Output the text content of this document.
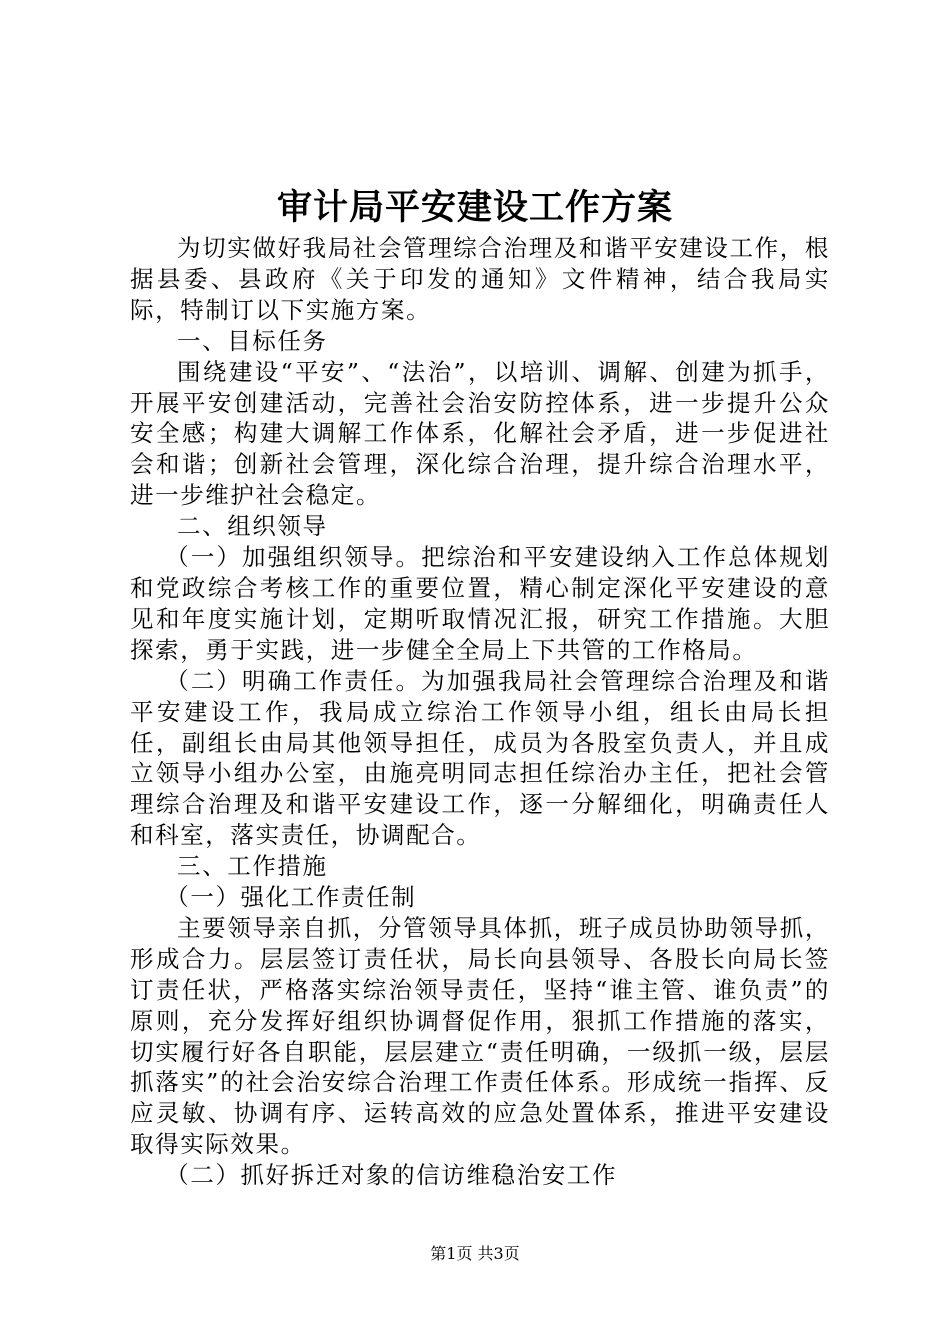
审计局平安建设工作方案

为切实做好我局社会管理综合治理及和谐平安建设工作，根据县委、县政府《关于印发的通知》文件精神，结合我局实际，特制订以下实施方案。

一、目标任务

围绕建设“平安”、“法治”，以培训、调解、创建为抓手，开展平安创建活动，完善社会治安防控体系，进一步提升公众安全感；构建大调解工作体系，化解社会矛盾，进一步促进社会和谐；创新社会管理，深化综合治理，提升综合治理水平，进一步维护社会稳定。

二、组织领导

（一）加强组织领导。把综治和平安建设纳入工作总体规划和党政综合考核工作的重要位置，精心制定深化平安建设的意见和年度实施计划，定期听取情况汇报，研究工作措施。大胆探索，勇于实践，进一步健全全局上下共管的工作格局。

（二）明确工作责任。为加强我局社会管理综合治理及和谐平安建设工作，我局成立综治工作领导小组，组长由局长担任，副组长由局其他领导担任，成员为各股室负责人，并且成立领导小组办公室，由施亮明同志担任综治办主任，把社会管理综合治理及和谐平安建设工作，逐一分解细化，明确责任人和科室，落实责任，协调配合。

三、工作措施

（一）强化工作责任制

主要领导亲自抓，分管领导具体抓，班子成员协助领导抓，形成合力。层层签订责任状，局长向县领导、各股长向局长签订责任状，严格落实综治领导责任，坚持“谁主管、谁负责”的原则，充分发挥好组织协调督促作用，狠抓工作措施的落实，切实履行好各自职能，层层建立“责任明确，一级抓一级，层层抓落实”的社会治安综合治理工作责任体系。形成统一指挥、反应灵敏、协调有序、运转高效的应急处置体系，推进平安建设取得实际效果。

（二）抓好拆迁对象的信访维稳治安工作

第1页 共3页
